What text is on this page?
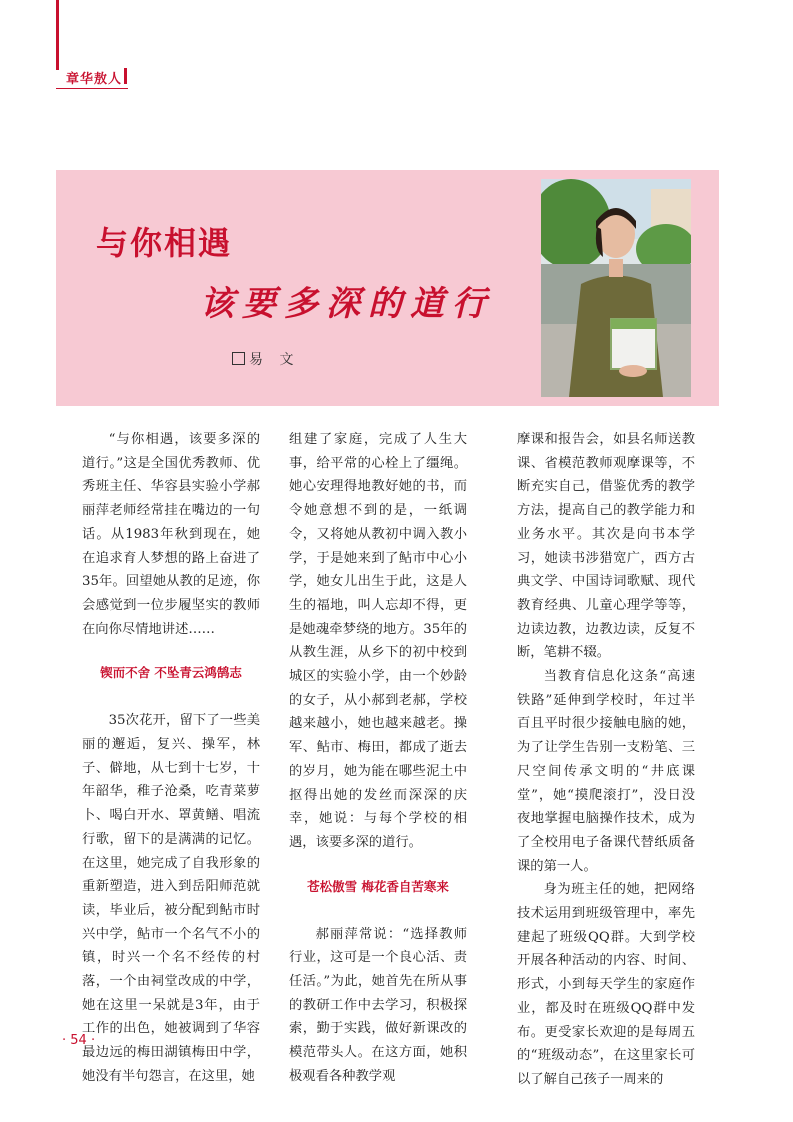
章华敖人
与你相遇
该要多深的道行
易 文

“与你相遇，该要多深的道行。”这是全国优秀教师、优秀班主任、华容县实验小学郝丽萍老师经常挂在嘴边的一句话。从1983年秋到现在，她在追求育人梦想的路上奋进了35年。回望她从教的足迹，你会感觉到一位步履坚实的教师在向你尽情地讲述……

锲而不舍 不坠青云鸿鹄志

35次花开，留下了一些美丽的邂逅，复兴、操军，林子、僻地，从七到十七岁，十年韶华，稚子沧桑，吃青菜萝卜、喝白开水、罩黄鳝、唱流行歌，留下的是满满的记忆。在这里，她完成了自我形象的重新塑造，进入到岳阳师范就读，毕业后，被分配到鲇市时兴中学，鲇市一个名气不小的镇，时兴一个名不经传的村落，一个由祠堂改成的中学，她在这里一呆就是3年，由于工作的出色，她被调到了华容最边远的梅田湖镇梅田中学，她没有半句怨言，在这里，她

组建了家庭，完成了人生大事，给平常的心栓上了缰绳。她心安理得地教好她的书，而令她意想不到的是，一纸调令，又将她从教初中调入教小学，于是她来到了鲇市中心小学，她女儿出生于此，这是人生的福地，叫人忘却不得，更是她魂牵梦绕的地方。35年的从教生涯，从乡下的初中校到城区的实验小学，由一个妙龄的女子，从小郝到老郝，学校越来越小，她也越来越老。操军、鲇市、梅田，都成了逝去的岁月，她为能在哪些泥土中抠得出她的发丝而深深的庆幸，她说：与每个学校的相遇，该要多深的道行。

苍松傲雪 梅花香自苦寒来

郝丽萍常说：“选择教师行业，这可是一个良心活、责任活。”为此，她首先在所从事的教研工作中去学习，积极探索，勤于实践，做好新课改的模范带头人。在这方面，她积极观看各种教学观

摩课和报告会，如县名师送教课、省模范教师观摩课等，不断充实自己，借鉴优秀的教学方法，提高自己的教学能力和业务水平。其次是向书本学习，她读书涉猎宽广，西方古典文学、中国诗词歌赋、现代教育经典、儿童心理学等等，边读边教，边教边读，反复不断，笔耕不辍。

当教育信息化这条“高速铁路”延伸到学校时，年过半百且平时很少接触电脑的她，为了让学生告别一支粉笔、三尺空间传承文明的“井底课堂”，她“摸爬滚打”，没日没夜地掌握电脑操作技术，成为了全校用电子备课代替纸质备课的第一人。

身为班主任的她，把网络技术运用到班级管理中，率先建起了班级QQ群。大到学校开展各种活动的内容、时间、形式，小到每天学生的家庭作业，都及时在班级QQ群中发布。更受家长欢迎的是每周五的“班级动态”，在这里家长可以了解自己孩子一周来的

· 54 ·
